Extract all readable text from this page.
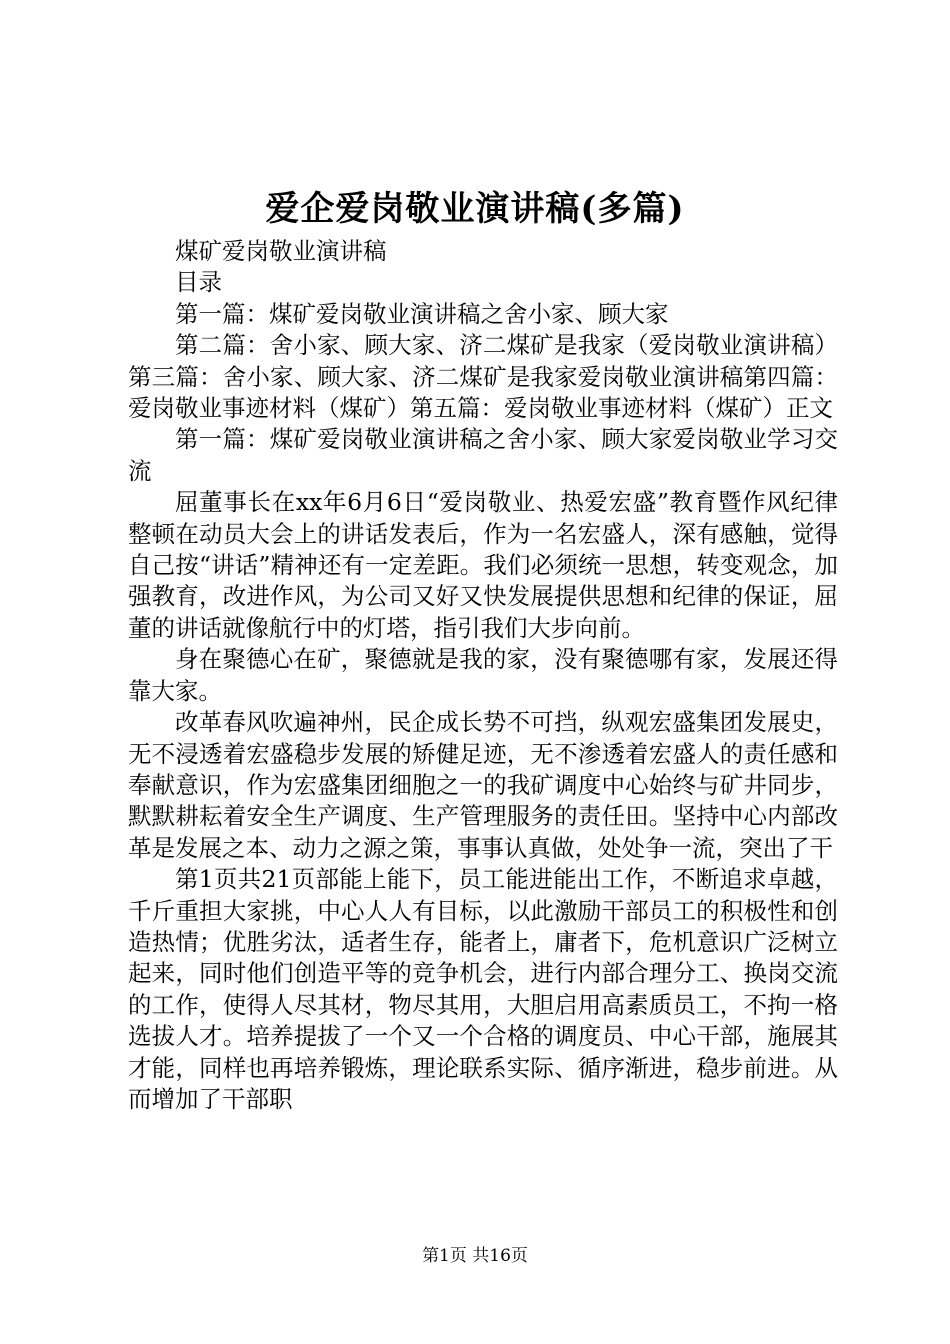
爱企爱岗敬业演讲稿(多篇)

煤矿爱岗敬业演讲稿

目录

第一篇：煤矿爱岗敬业演讲稿之舍小家、顾大家

第二篇：舍小家、顾大家、济二煤矿是我家（爱岗敬业演讲稿）第三篇：舍小家、顾大家、济二煤矿是我家爱岗敬业演讲稿第四篇：爱岗敬业事迹材料（煤矿）第五篇：爱岗敬业事迹材料（煤矿）正文

第一篇：煤矿爱岗敬业演讲稿之舍小家、顾大家爱岗敬业学习交流

屈董事长在xx年6月6日“爱岗敬业、热爱宏盛”教育暨作风纪律整顿在动员大会上的讲话发表后，作为一名宏盛人，深有感触，觉得自己按“讲话”精神还有一定差距。我们必须统一思想，转变观念，加强教育，改进作风，为公司又好又快发展提供思想和纪律的保证，屈董的讲话就像航行中的灯塔，指引我们大步向前。

身在聚德心在矿，聚德就是我的家，没有聚德哪有家，发展还得靠大家。

改革春风吹遍神州，民企成长势不可挡，纵观宏盛集团发展史，无不浸透着宏盛稳步发展的矫健足迹，无不渗透着宏盛人的责任感和奉献意识，作为宏盛集团细胞之一的我矿调度中心始终与矿井同步，默默耕耘着安全生产调度、生产管理服务的责任田。坚持中心内部改革是发展之本、动力之源之策，事事认真做，处处争一流，突出了干

第1页共21页部能上能下，员工能进能出工作，不断追求卓越，千斤重担大家挑，中心人人有目标，以此激励干部员工的积极性和创造热情；优胜劣汰，适者生存，能者上，庸者下，危机意识广泛树立起来，同时他们创造平等的竞争机会，进行内部合理分工、换岗交流的工作，使得人尽其材，物尽其用，大胆启用高素质员工，不拘一格选拔人才。培养提拔了一个又一个合格的调度员、中心干部，施展其才能，同样也再培养锻炼，理论联系实际、循序渐进，稳步前进。从而增加了干部职

第1页 共16页
